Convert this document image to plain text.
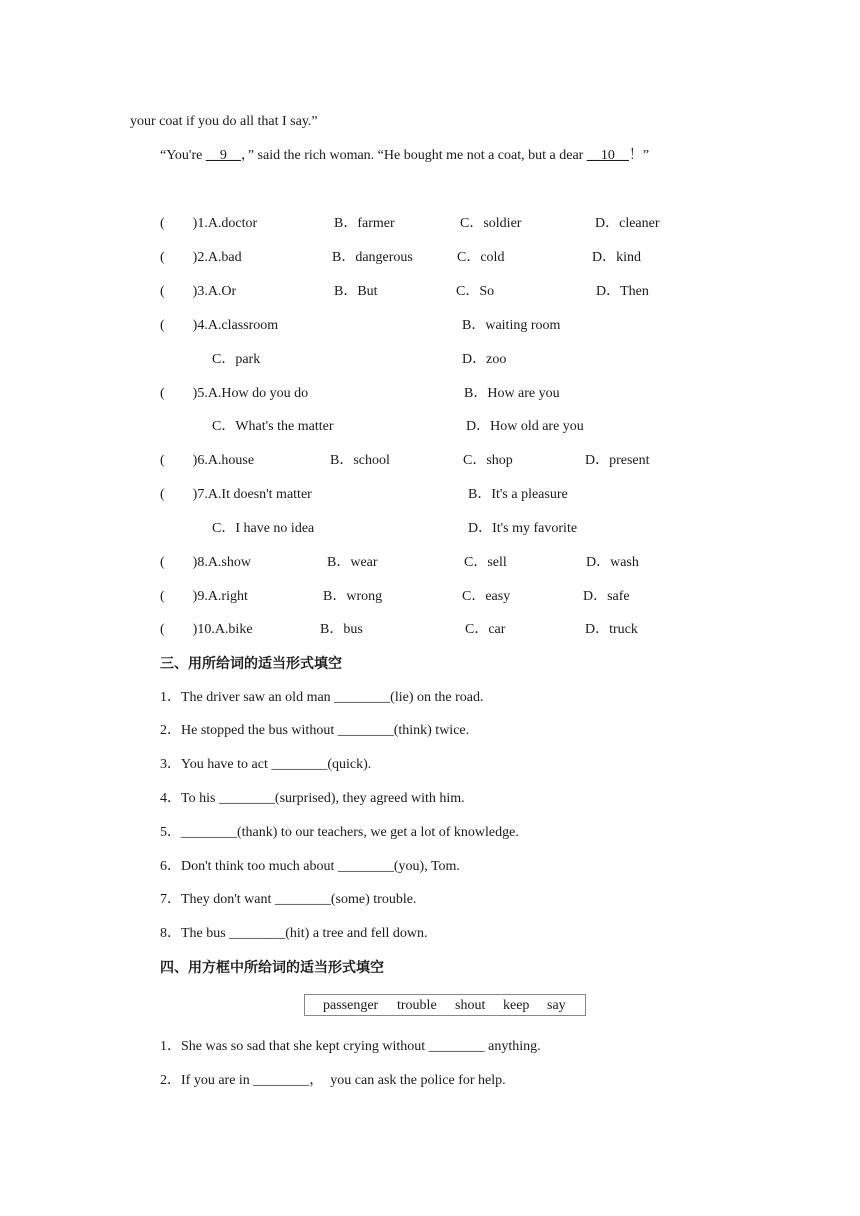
your coat if you do all that I say.”
“You're __9__，” said the rich woman. “He bought me not a coat, but a dear __10__！”
(        )1.A.doctor	B．farmer	C．soldier	D．cleaner
(        )2.A.bad	B．dangerous	C．cold	D．kind
(        )3.A.Or	B．But	C．So	D．Then
(        )4.A.classroom	B．waiting room
C．park	D．zoo
(        )5.A.How do you do	B．How are you
C．What's the matter	D．How old are you
(        )6.A.house	B．school	C．shop	D．present
(        )7.A.It doesn't matter	B．It's a pleasure
C．I have no idea	D．It's my favorite
(        )8.A.show	B．wear	C．sell	D．wash
(        )9.A.right	B．wrong	C．easy	D．safe
(        )10.A.bike	B．bus	C．car	D．truck
三、用所给词的适当形式填空
1．The driver saw an old man ________(lie) on the road.
2．He stopped the bus without ________(think) twice.
3．You have to act ________(quick).
4．To his ________(surprised), they agreed with him.
5．________(thank) to our teachers, we get a lot of knowledge.
6．Don't think too much about ________(you), Tom.
7．They don't want ________(some) trouble.
8．The bus ________(hit) a tree and fell down.
四、用方框中所给词的适当形式填空
passenger trouble shout keep say
1．She was so sad that she kept crying without ________ anything.
2．If you are in ________，  you can ask the police for help.
